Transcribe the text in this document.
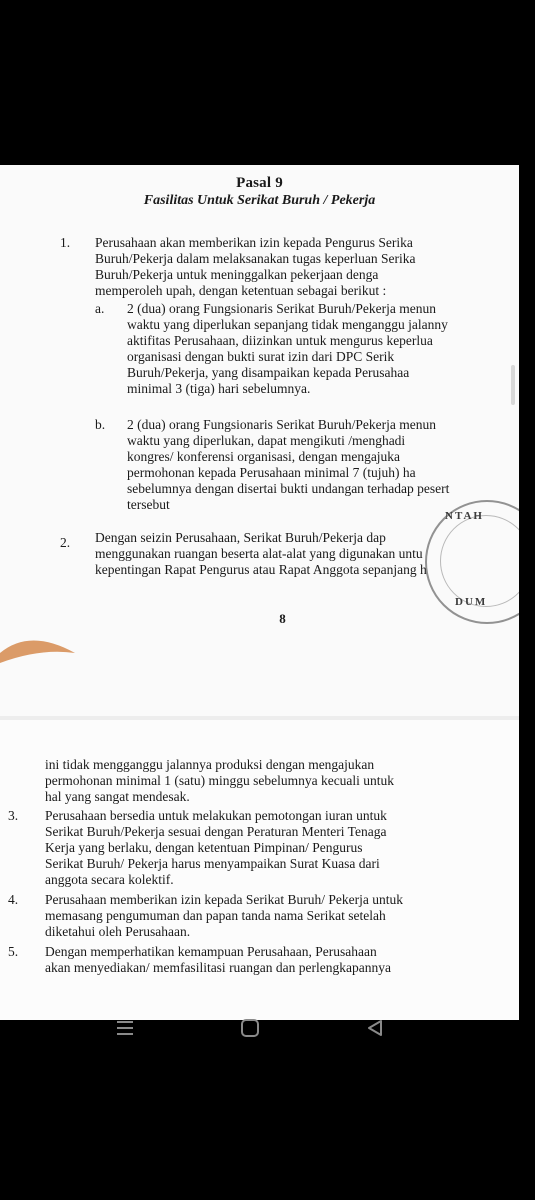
Pasal 9
Fasilitas Untuk Serikat Buruh / Pekerja
1. Perusahaan akan memberikan izin kepada Pengurus Serika
Buruh/Pekerja dalam melaksanakan tugas keperluan Serika
Buruh/Pekerja untuk meninggalkan pekerjaan denga
memperoleh upah, dengan ketentuan sebagai berikut :
a. 2 (dua) orang Fungsionaris Serikat Buruh/Pekerja menun
waktu yang diperlukan sepanjang tidak menganggu jalanny
aktifitas Perusahaan, diizinkan untuk mengurus keperlua
organisasi dengan bukti surat izin dari DPC Serik
Buruh/Pekerja, yang disampaikan kepada Perusahaa
minimal 3 (tiga) hari sebelumnya.
b. 2 (dua) orang Fungsionaris Serikat Buruh/Pekerja menun
waktu yang diperlukan, dapat mengikuti /menghadi
kongres/ konferensi organisasi, dengan mengajuka
permohonan kepada Perusahaan minimal 7 (tujuh) ha
sebelumnya dengan disertai bukti undangan terhadap pesert
tersebut
2. Dengan seizin Perusahaan, Serikat Buruh/Pekerja dap
menggunakan ruangan beserta alat-alat yang digunakan untu
kepentingan Rapat Pengurus atau Rapat Anggota sepanjang h
NTAH
DUM
8
ini tidak mengganggu jalannya produksi dengan mengajukan
permohonan minimal 1 (satu) minggu sebelumnya kecuali untuk
hal yang sangat mendesak.
3. Perusahaan bersedia untuk melakukan pemotongan iuran untuk
Serikat Buruh/Pekerja sesuai dengan Peraturan Menteri Tenaga
Kerja yang berlaku, dengan ketentuan Pimpinan/ Pengurus
Serikat Buruh/ Pekerja harus menyampaikan Surat Kuasa dari
anggota secara kolektif.
4. Perusahaan memberikan izin kepada Serikat Buruh/ Pekerja untuk
memasang pengumuman dan papan tanda nama Serikat setelah
diketahui oleh Perusahaan.
5. Dengan memperhatikan kemampuan Perusahaan, Perusahaan
akan menyediakan/ memfasilitasi ruangan dan perlengkapannya
